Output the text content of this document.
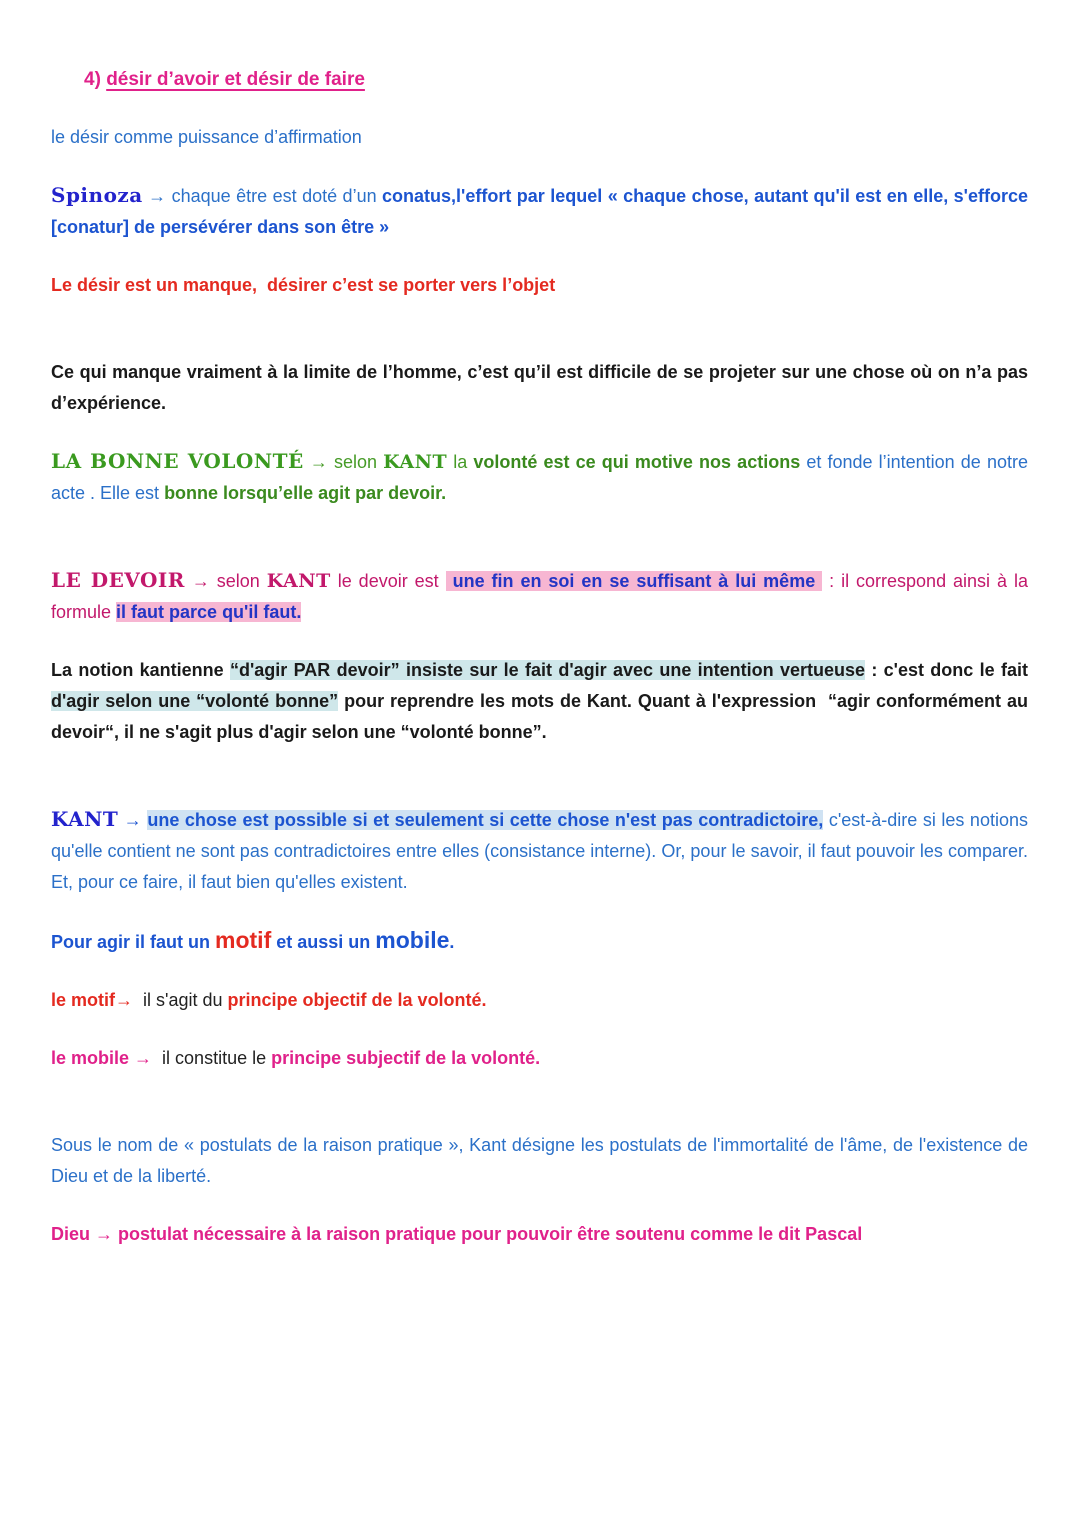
4) désir d’avoir et désir de faire

le désir comme puissance d’affirmation

Spinoza → chaque être est doté d’un conatus,l'effort par lequel « chaque chose, autant qu'il est en elle, s'efforce [conatur] de persévérer dans son être »

Le désir est un manque,  désirer c’est se porter vers l’objet

Ce qui manque vraiment à la limite de l’homme, c’est qu’il est difficile de se projeter sur une chose où on n’a pas d’expérience.

LA BONNE VOLONTÉ → selon KANT la volonté est ce qui motive nos actions et fonde l’intention de notre acte . Elle est bonne lorsqu’elle agit par devoir.

LE DEVOIR → selon KANT le devoir est  une fin en soi en se suffisant à lui même  : il correspond ainsi à la formule il faut parce qu'il faut.

La notion kantienne “d'agir PAR devoir” insiste sur le fait d'agir avec une intention vertueuse : c'est donc le fait d'agir selon une “volonté bonne” pour reprendre les mots de Kant. Quant à l'expression  “agir conformément au devoir“, il ne s'agit plus d'agir selon une “volonté bonne”.

KANT → une chose est possible si et seulement si cette chose n'est pas contradictoire, c'est-à-dire si les notions qu'elle contient ne sont pas contradictoires entre elles (consistance interne). Or, pour le savoir, il faut pouvoir les comparer. Et, pour ce faire, il faut bien qu'elles existent.

Pour agir il faut un motif et aussi un mobile.

le motif→  il s'agit du principe objectif de la volonté.

le mobile →  il constitue le principe subjectif de la volonté.

Sous le nom de « postulats de la raison pratique », Kant désigne les postulats de l'immortalité de l'âme, de l'existence de Dieu et de la liberté.

Dieu → postulat nécessaire à la raison pratique pour pouvoir être soutenu comme le dit Pascal
